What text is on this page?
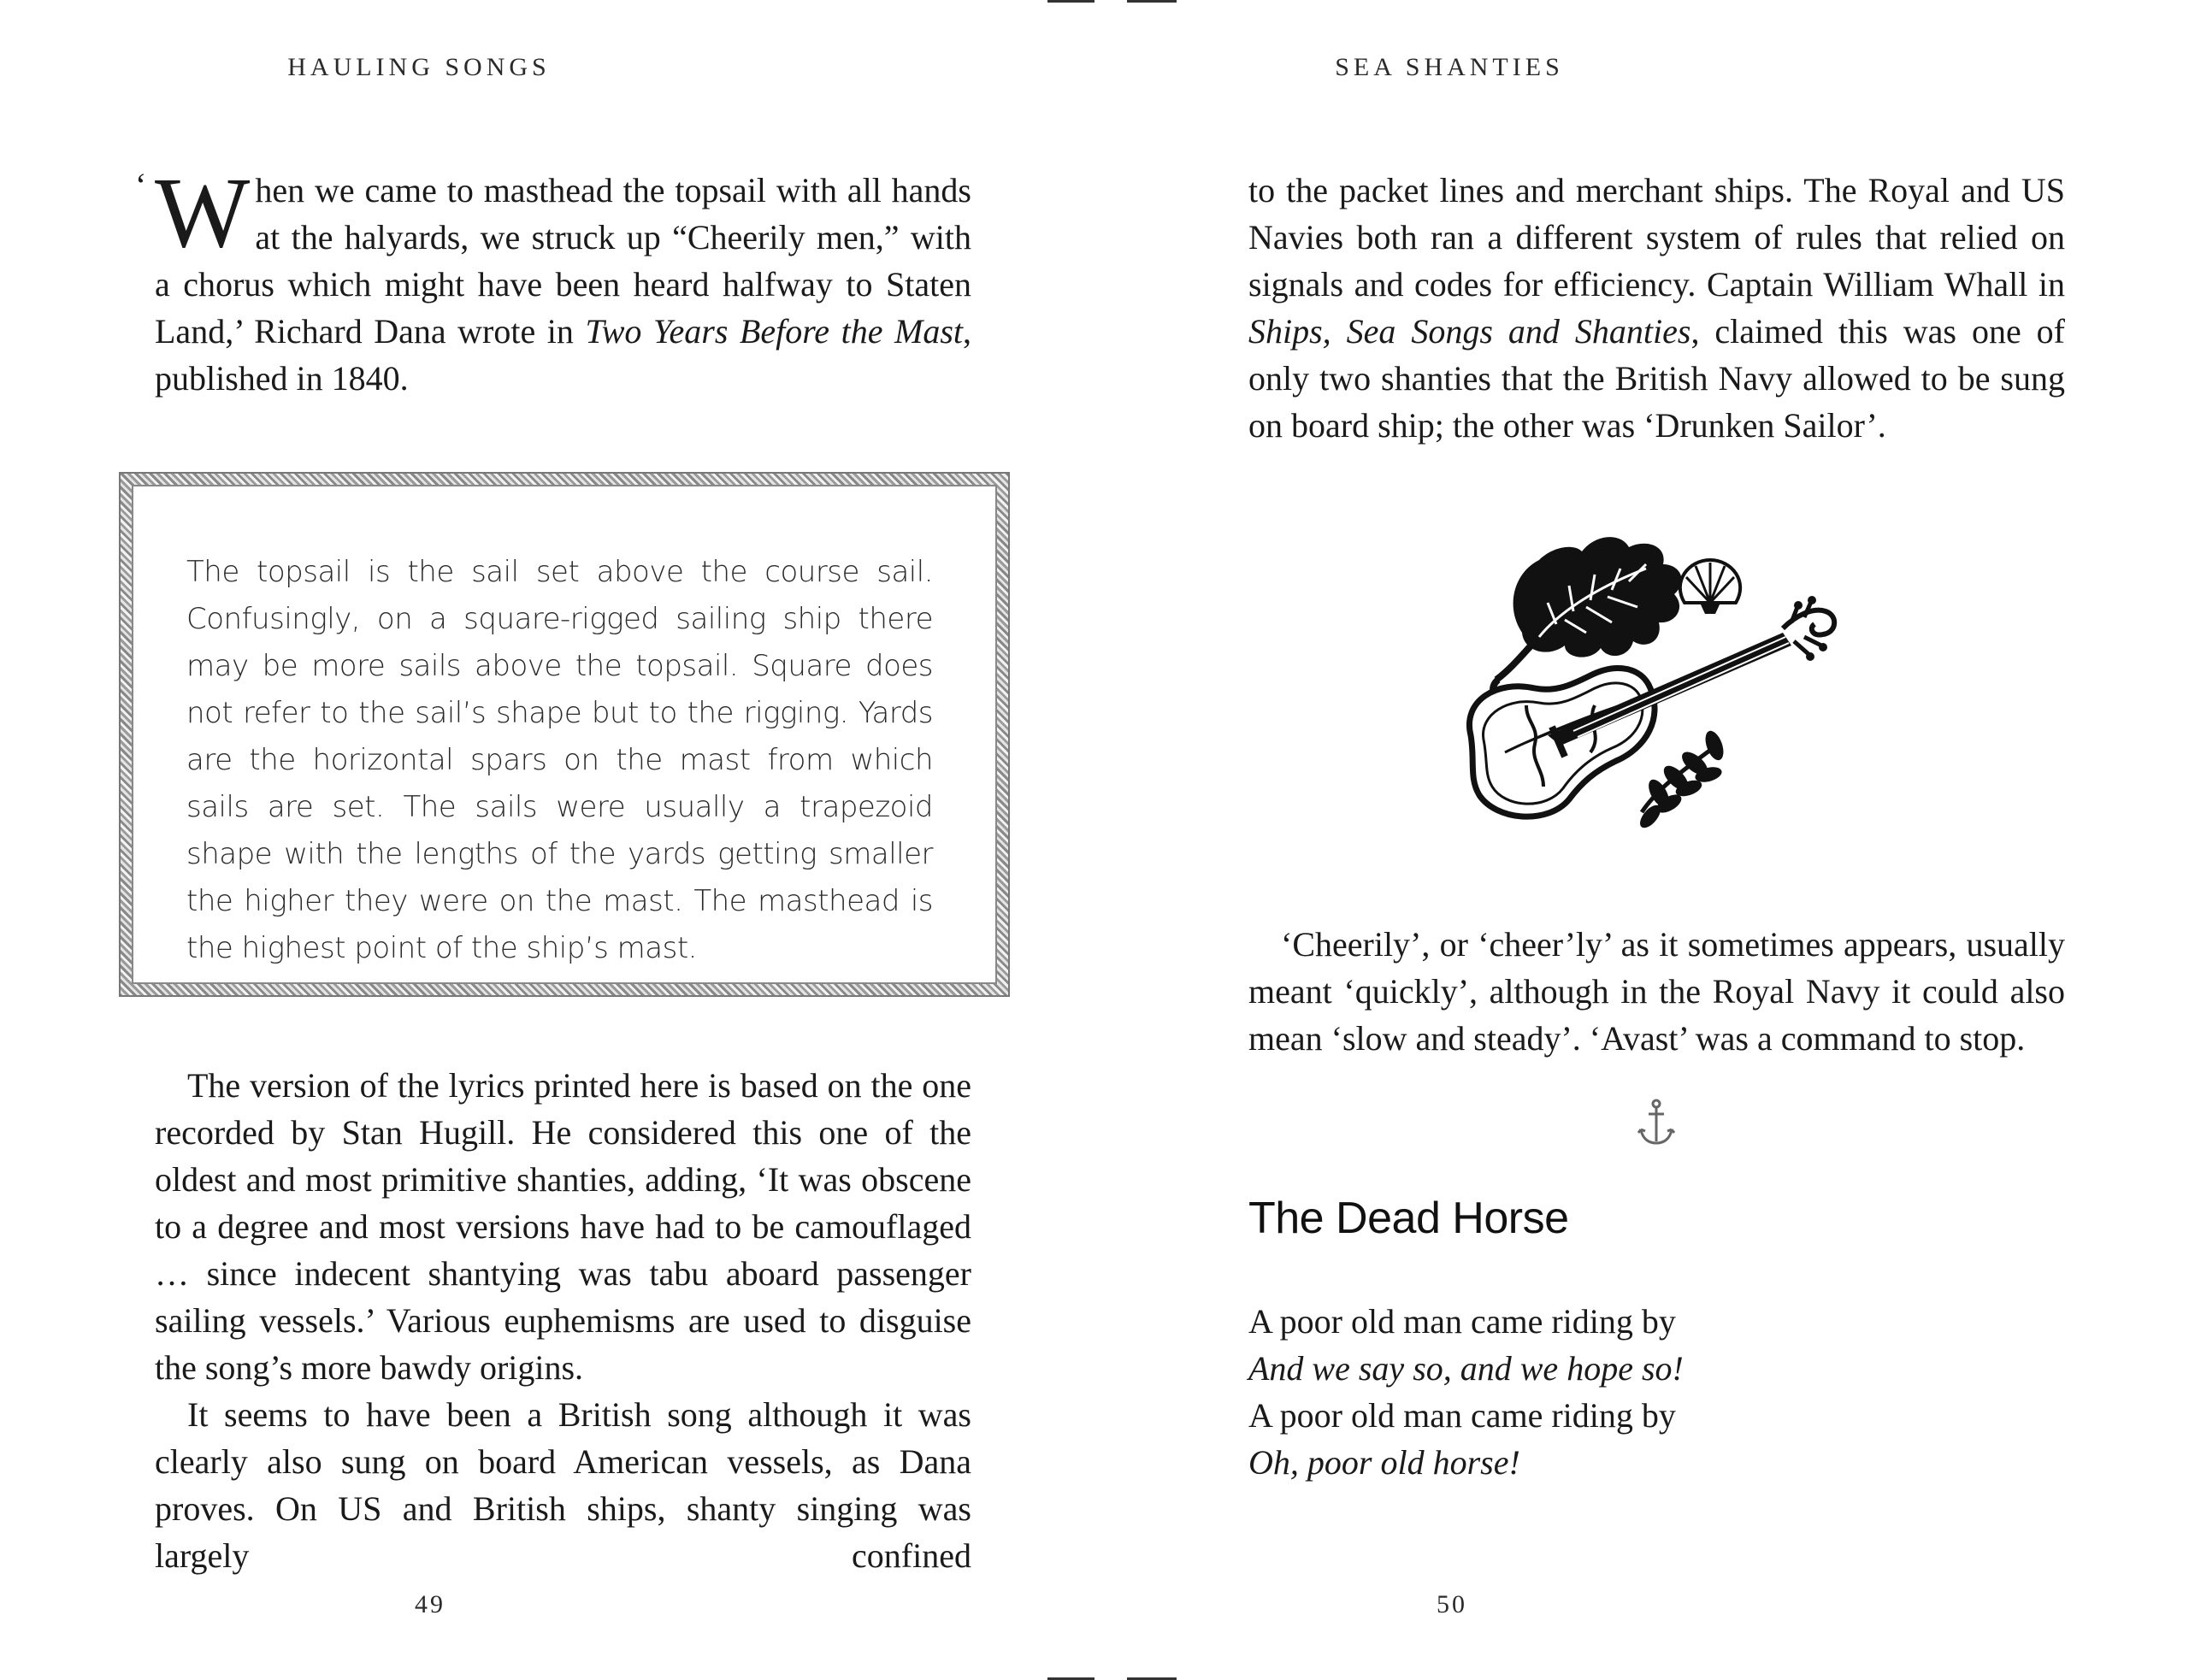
HAULING SONGS
49
‘ W hen we came to masthead the topsail with all hands at the halyards, we struck up “Cheerily men,” with a chorus which might have been heard halfway to Staten Land,’ Richard Dana wrote in Two Years Before the Mast, published in 1840.
The topsail is the sail set above the course sail. Confusingly, on a square-rigged sailing ship there may be more sails above the topsail. Square does not refer to the sail’s shape but to the rigging. Yards are the horizontal spars on the mast from which sails are set. The sails were usually a trapezoid shape with the lengths of the yards getting smaller the higher they were on the mast. The masthead is the highest point of the ship’s mast.

The version of the lyrics printed here is based on the one recorded by Stan Hugill. He considered this one of the oldest and most primitive shanties, adding, ‘It was obscene to a degree and most versions have had to be camouflaged … since indecent shantying was tabu aboard passenger sailing vessels.’ Various euphemisms are used to disguise the song’s more bawdy origins.

It seems to have been a British song although it was clearly also sung on board American vessels, as Dana proves. On US and British ships, shanty singing was largely confined

SEA SHANTIES
50
to the packet lines and merchant ships. The Royal and US Navies both ran a different system of rules that relied on signals and codes for efficiency. Captain William Whall in Ships, Sea Songs and Shanties, claimed this was one of only two shanties that the British Navy allowed to be sung on board ship; the other was ‘Drunken Sailor’.

‘Cheerily’, or ‘cheer’ly’ as it sometimes appears, usually meant ‘quickly’, although in the Royal Navy it could also mean ‘slow and steady’. ‘Avast’ was a command to stop.

The Dead Horse
A poor old man came riding by
And we say so, and we hope so!
A poor old man came riding by
Oh, poor old horse!
